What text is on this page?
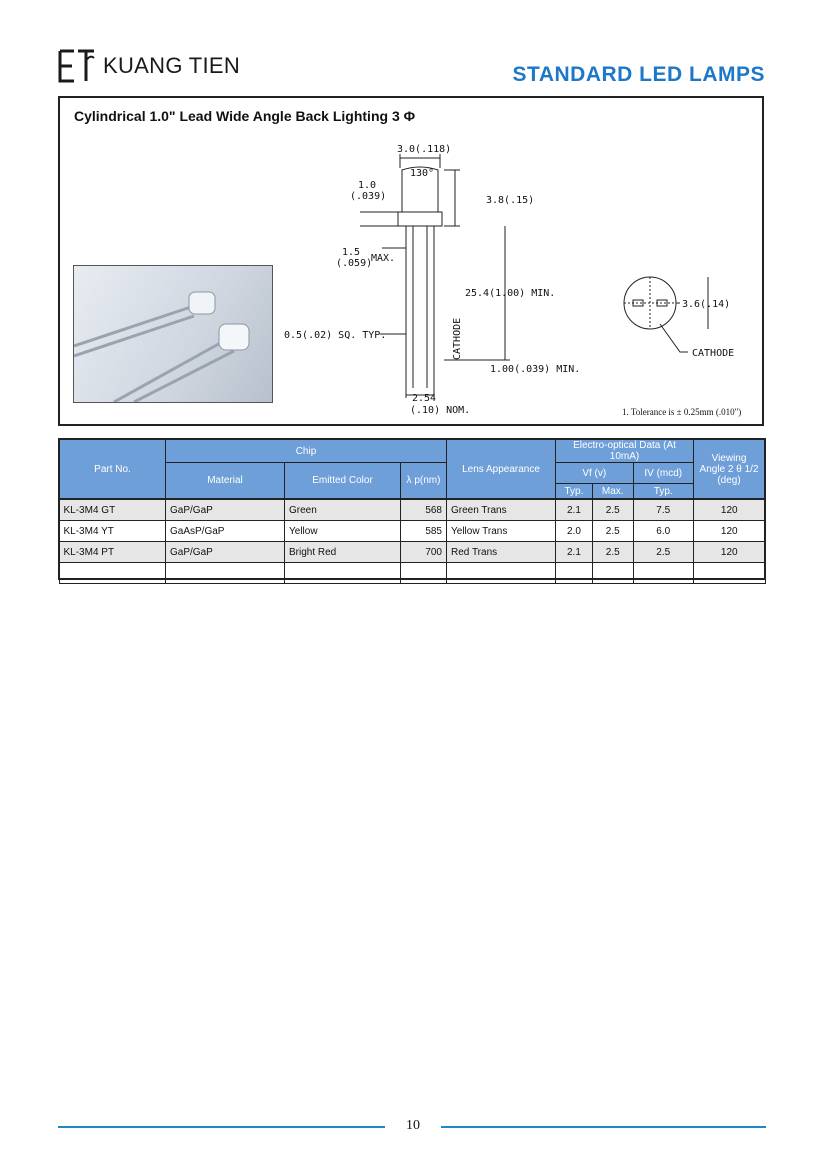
KUANG TIEN	STANDARD LED LAMPS
Cylindrical 1.0" Lead Wide Angle Back Lighting 3 Φ
3.0(.118)
130°
1.0
(.039)	3.8(.15)
1.5
(.059)
MAX.
25.4(1.00) MIN.
0.5(.02) SQ. TYP.	CATHODE
1.00(.039) MIN.
2.54
(.10) NOM.
3.6(.14)
CATHODE
1. Tolerance is ± 0.25mm (.010")
Part No.	Chip			Lens Appearance	Electro-optical Data (At 10mA)			Viewing Angle 2 θ 1/2 (deg)
	Material	Emitted Color	λ p(nm)		Vf (v)		IV (mcd)	
					Typ.	Max.	Typ.	
KL-3M4 GT	GaP/GaP	Green	568	Green Trans	2.1	2.5	7.5	120
KL-3M4 YT	GaAsP/GaP	Yellow	585	Yellow Trans	2.0	2.5	6.0	120
KL-3M4 PT	GaP/GaP	Bright Red	700	Red Trans	2.1	2.5	2.5	120

10
